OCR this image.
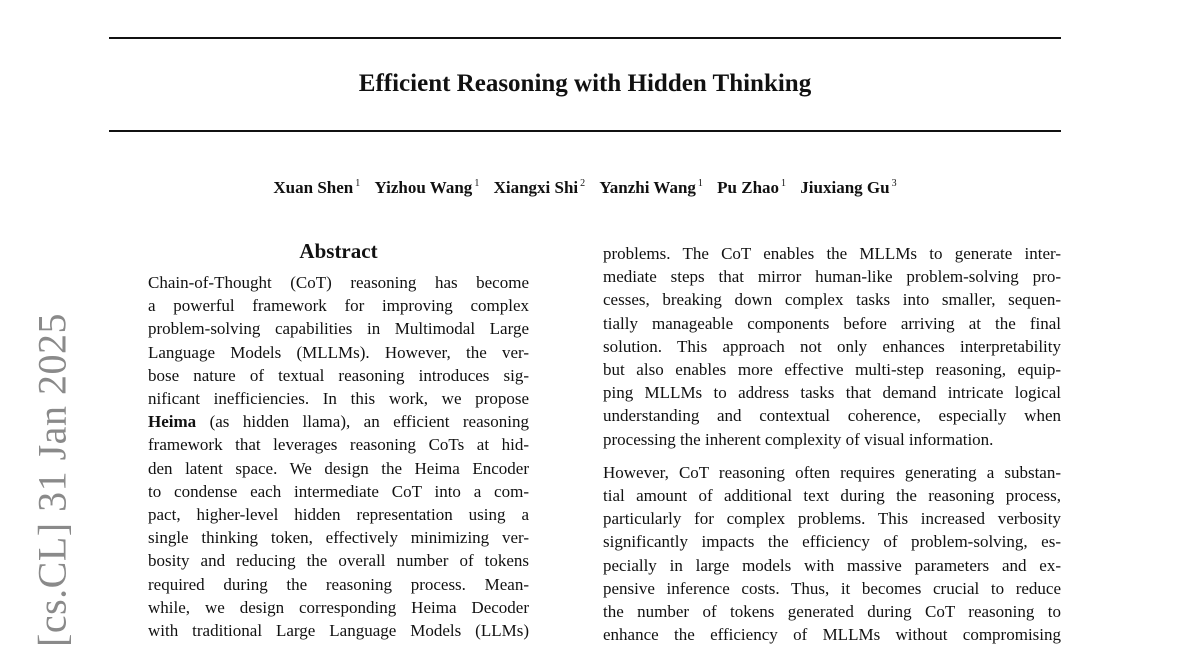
Efficient Reasoning with Hidden Thinking
Xuan Shen $^1$ Yizhou Wang $^1$ Xiangxi Shi $^2$ Yanzhi Wang $^1$ Pu Zhao $^1$ Jiuxiang Gu $^3$
[cs.CL] 31 Jan 2025
Abstract
Chain-of-Thought (CoT) reasoning has become
a powerful framework for improving complex
problem-solving capabilities in Multimodal Large
Language Models (MLLMs). However, the ver-
bose nature of textual reasoning introduces sig-
nificant inefficiencies. In this work, we propose
Heima (as hidden llama), an efficient reasoning
framework that leverages reasoning CoTs at hid-
den latent space. We design the Heima Encoder
to condense each intermediate CoT into a com-
pact, higher-level hidden representation using a
single thinking token, effectively minimizing ver-
bosity and reducing the overall number of tokens
required during the reasoning process. Mean-
while, we design corresponding Heima Decoder
with traditional Large Language Models (LLMs)
problems. The CoT enables the MLLMs to generate inter-
mediate steps that mirror human-like problem-solving pro-
cesses, breaking down complex tasks into smaller, sequen-
tially manageable components before arriving at the final
solution. This approach not only enhances interpretability
but also enables more effective multi-step reasoning, equip-
ping MLLMs to address tasks that demand intricate logical
understanding and contextual coherence, especially when
processing the inherent complexity of visual information.
However, CoT reasoning often requires generating a substan-
tial amount of additional text during the reasoning process,
particularly for complex problems. This increased verbosity
significantly impacts the efficiency of problem-solving, es-
pecially in large models with massive parameters and ex-
pensive inference costs. Thus, it becomes crucial to reduce
the number of tokens generated during CoT reasoning to
enhance the efficiency of MLLMs without compromising
